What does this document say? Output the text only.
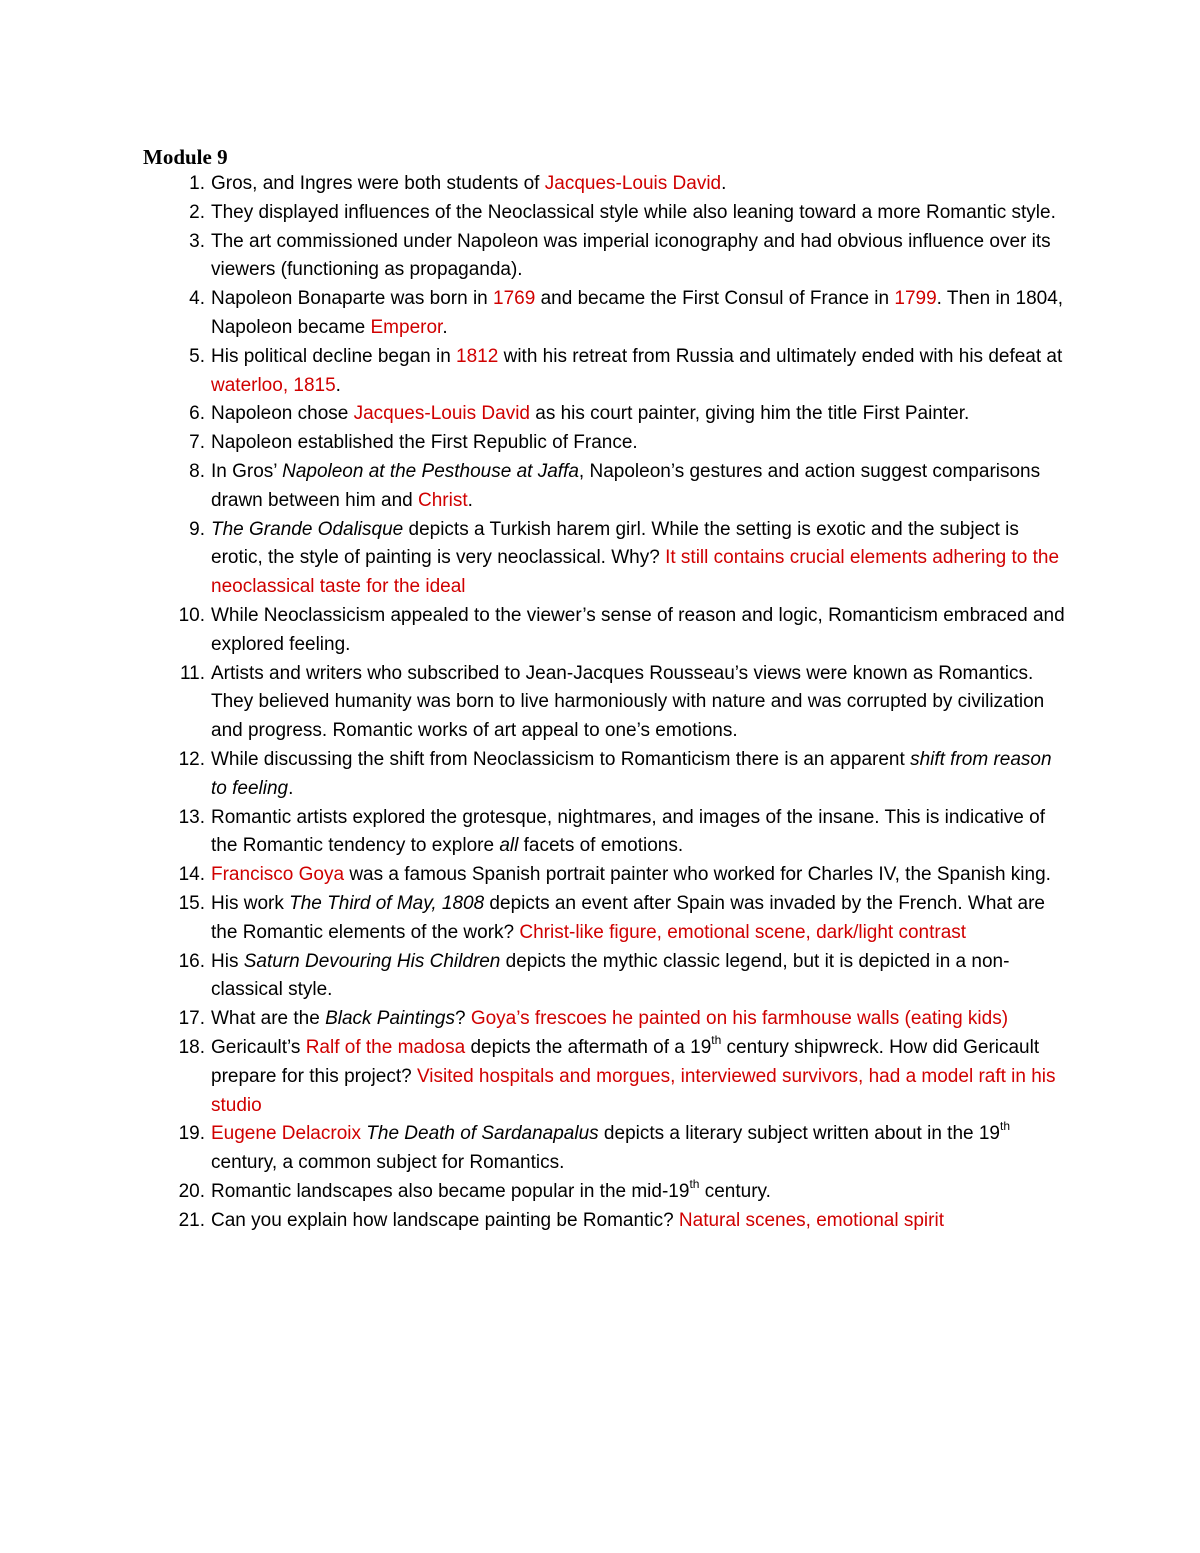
Module 9
1. Gros, and Ingres were both students of Jacques-Louis David.
2. They displayed influences of the Neoclassical style while also leaning toward a more Romantic style.
3. The art commissioned under Napoleon was imperial iconography and had obvious influence over its viewers (functioning as propaganda).
4. Napoleon Bonaparte was born in 1769 and became the First Consul of France in 1799. Then in 1804, Napoleon became Emperor.
5. His political decline began in 1812 with his retreat from Russia and ultimately ended with his defeat at waterloo, 1815.
6. Napoleon chose Jacques-Louis David as his court painter, giving him the title First Painter.
7. Napoleon established the First Republic of France.
8. In Gros’ Napoleon at the Pesthouse at Jaffa, Napoleon’s gestures and action suggest comparisons drawn between him and Christ.
9. The Grande Odalisque depicts a Turkish harem girl. While the setting is exotic and the subject is erotic, the style of painting is very neoclassical. Why? It still contains crucial elements adhering to the neoclassical taste for the ideal
10. While Neoclassicism appealed to the viewer’s sense of reason and logic, Romanticism embraced and explored feeling.
11. Artists and writers who subscribed to Jean-Jacques Rousseau’s views were known as Romantics. They believed humanity was born to live harmoniously with nature and was corrupted by civilization and progress. Romantic works of art appeal to one’s emotions.
12. While discussing the shift from Neoclassicism to Romanticism there is an apparent shift from reason to feeling.
13. Romantic artists explored the grotesque, nightmares, and images of the insane. This is indicative of the Romantic tendency to explore all facets of emotions.
14. Francisco Goya was a famous Spanish portrait painter who worked for Charles IV, the Spanish king.
15. His work The Third of May, 1808 depicts an event after Spain was invaded by the French. What are the Romantic elements of the work? Christ-like figure, emotional scene, dark/light contrast
16. His Saturn Devouring His Children depicts the mythic classic legend, but it is depicted in a non-classical style.
17. What are the Black Paintings? Goya’s frescoes he painted on his farmhouse walls (eating kids)
18. Gericault’s Ralf of the madosa depicts the aftermath of a 19th century shipwreck. How did Gericault prepare for this project? Visited hospitals and morgues, interviewed survivors, had a model raft in his studio
19. Eugene Delacroix The Death of Sardanapalus depicts a literary subject written about in the 19th century, a common subject for Romantics.
20. Romantic landscapes also became popular in the mid-19th century.
21. Can you explain how landscape painting be Romantic? Natural scenes, emotional spirit
